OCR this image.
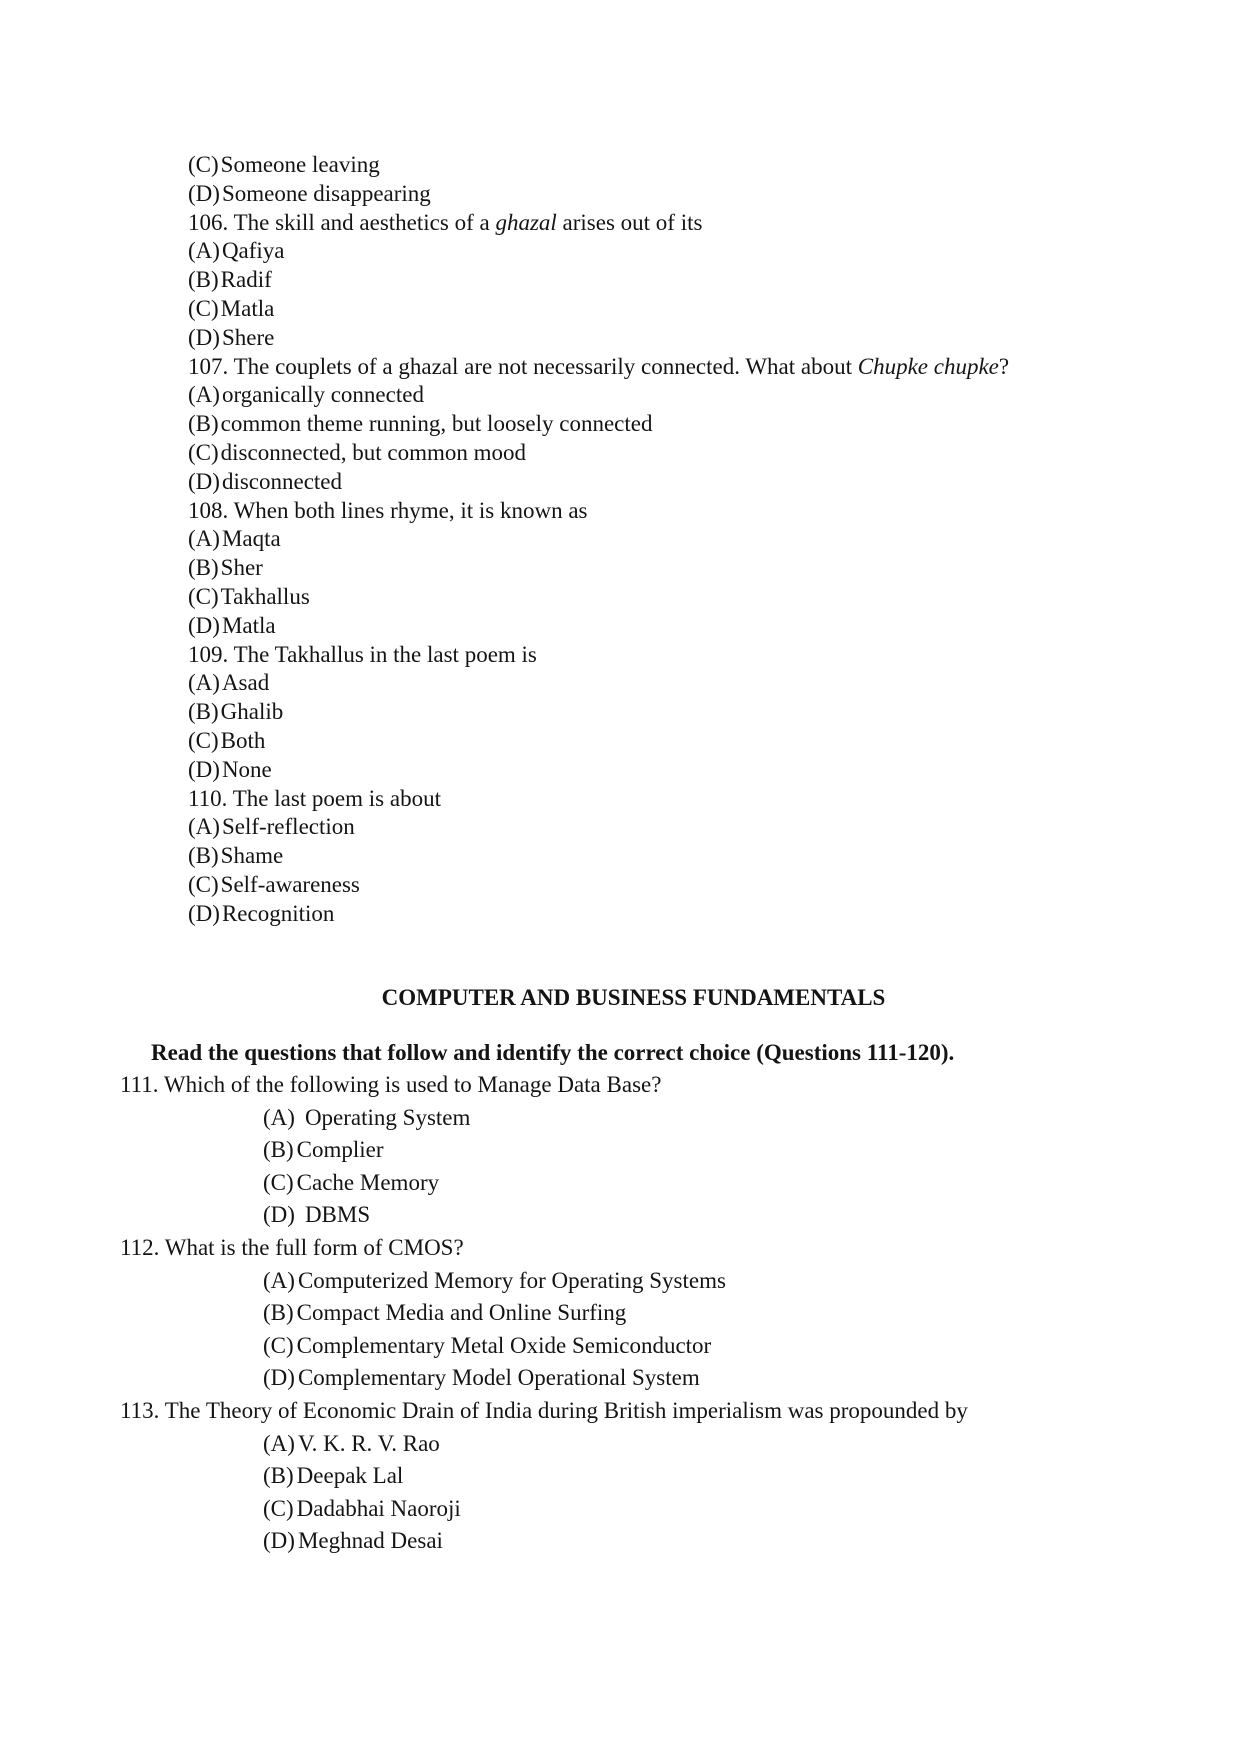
(C) Someone leaving
(D) Someone disappearing
106. The skill and aesthetics of a ghazal arises out of its
(A) Qafiya
(B) Radif
(C) Matla
(D) Shere
107. The couplets of a ghazal are not necessarily connected. What about Chupke chupke?
(A) organically connected
(B) common theme running, but loosely connected
(C) disconnected, but common mood
(D) disconnected
108. When both lines rhyme, it is known as
(A) Maqta
(B) Sher
(C) Takhallus
(D) Matla
109. The Takhallus in the last poem is
(A) Asad
(B) Ghalib
(C) Both
(D) None
110. The last poem is about
(A) Self-reflection
(B) Shame
(C) Self-awareness
(D) Recognition
COMPUTER AND BUSINESS FUNDAMENTALS
Read the questions that follow and identify the correct choice (Questions 111-120).
111. Which of the following is used to Manage Data Base?
(A) Operating System
(B) Complier
(C) Cache Memory
(D) DBMS
112. What is the full form of CMOS?
(A) Computerized Memory for Operating Systems
(B) Compact Media and Online Surfing
(C) Complementary Metal Oxide Semiconductor
(D) Complementary Model Operational System
113. The Theory of Economic Drain of India during British imperialism was propounded by
(A) V. K. R. V. Rao
(B) Deepak Lal
(C) Dadabhai Naoroji
(D) Meghnad Desai
